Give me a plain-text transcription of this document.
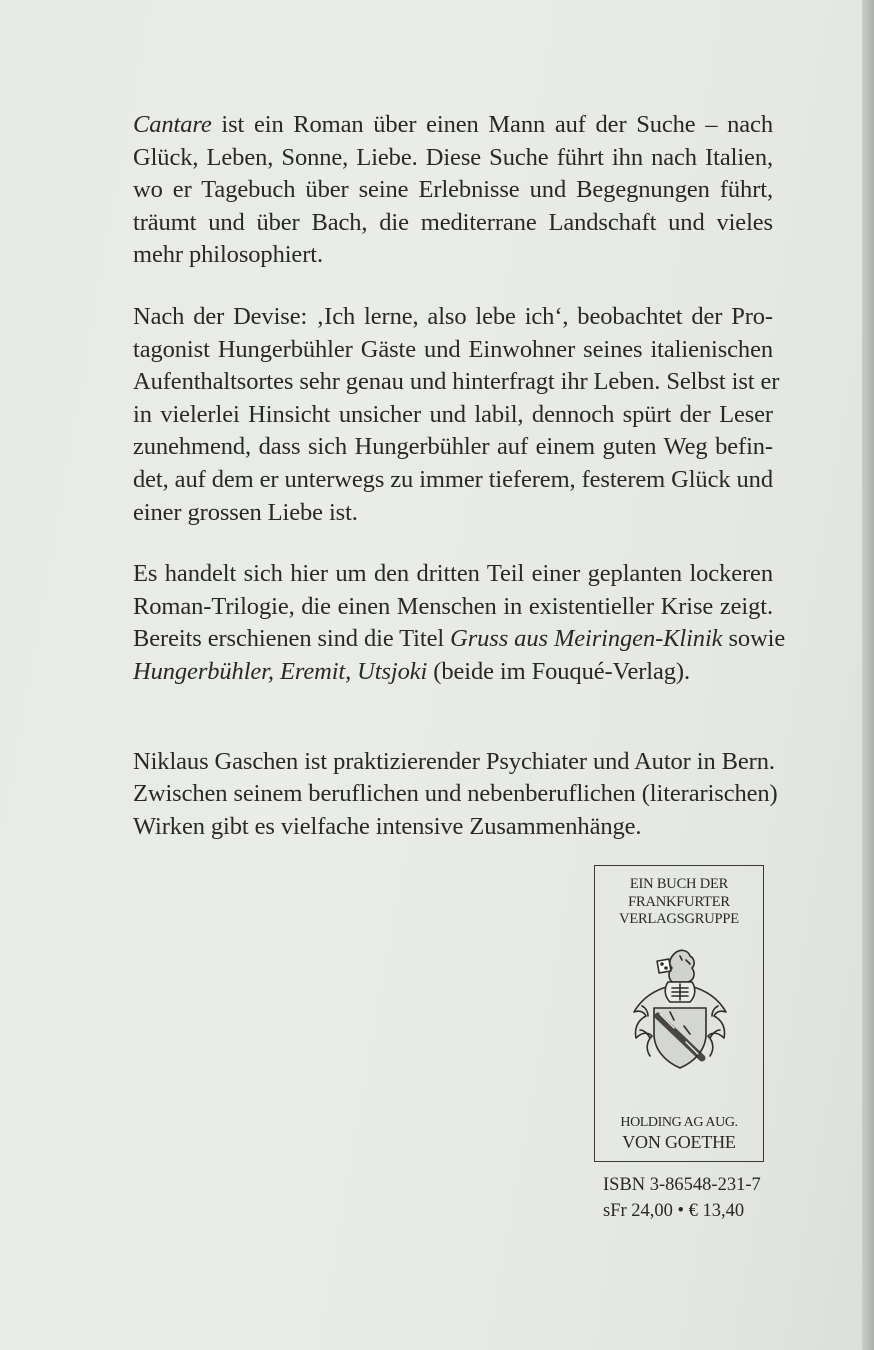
Cantare ist ein Roman über einen Mann auf der Suche – nach
Glück, Leben, Sonne, Liebe. Diese Suche führt ihn nach Italien,
wo er Tagebuch über seine Erlebnisse und Begegnungen führt,
träumt und über Bach, die mediterrane Landschaft und vieles
mehr philosophiert.

Nach der Devise: ‚Ich lerne, also lebe ich‘, beobachtet der Pro-
tagonist Hungerbühler Gäste und Einwohner seines italienischen
Aufenthaltsortes sehr genau und hinterfragt ihr Leben. Selbst ist er
in vielerlei Hinsicht unsicher und labil, dennoch spürt der Leser
zunehmend, dass sich Hungerbühler auf einem guten Weg befin-
det, auf dem er unterwegs zu immer tieferem, festerem Glück und
einer grossen Liebe ist.

Es handelt sich hier um den dritten Teil einer geplanten lockeren
Roman-Trilogie, die einen Menschen in existentieller Krise zeigt.
Bereits erschienen sind die Titel Gruss aus Meiringen-Klinik sowie
Hungerbühler, Eremit, Utsjoki (beide im Fouqué-Verlag).

Niklaus Gaschen ist praktizierender Psychiater und Autor in Bern.
Zwischen seinem beruflichen und nebenberuflichen (literarischen)
Wirken gibt es vielfache intensive Zusammenhänge.

EIN BUCH DER
FRANKFURTER
VERLAGSGRUPPE
HOLDING AG AUG.
VON GOETHE
ISBN 3-86548-231-7
sFr 24,00 • € 13,40
